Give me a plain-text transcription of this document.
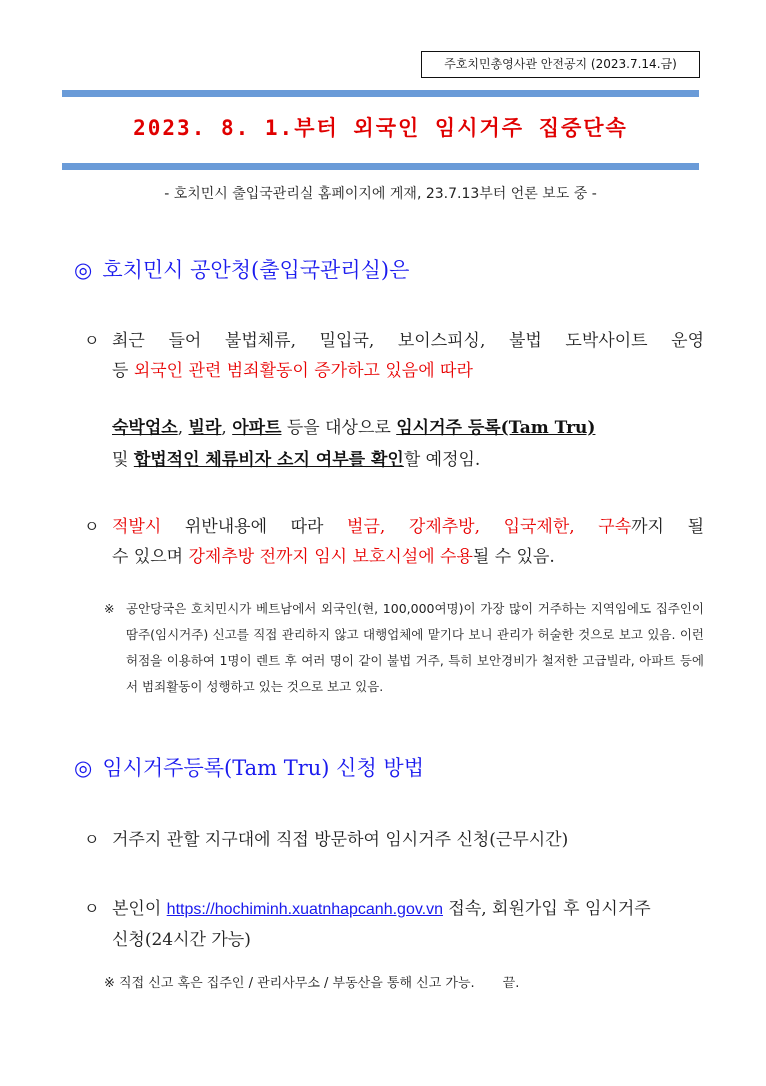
주호치민총영사관 안전공지 (2023.7.14.금)
2023. 8. 1.부터 외국인 임시거주 집중단속
- 호치민시 출입국관리실 홈페이지에 게재, 23.7.13부터 언론 보도 중 -
◎ 호치민시 공안청(출입국관리실)은
ㅇ 최근 들어 불법체류, 밀입국, 보이스피싱, 불법 도박사이트 운영
등 외국인 관련 범죄활동이 증가하고 있음에 따라
숙박업소, 빌라, 아파트 등을 대상으로 임시거주 등록(Tam Tru)
및 합법적인 체류비자 소지 여부를 확인할 예정임.
ㅇ 적발시 위반내용에 따라 벌금, 강제추방, 입국제한, 구속까지 될
수 있으며 강제추방 전까지 임시 보호시설에 수용될 수 있음.
※ 공안당국은 호치민시가 베트남에서 외국인(현, 100,000여명)이 가장 많이 거주하는 지역임에도 집주인이 땀주(임시거주) 신고를 직접 관리하지 않고 대행업체에 맡기다 보니 관리가 허술한 것으로 보고 있음. 이런 허점을 이용하여 1명이 렌트 후 여러 명이 같이 불법 거주, 특히 보안경비가 철저한 고급빌라, 아파트 등에서 범죄활동이 성행하고 있는 것으로 보고 있음.
◎ 임시거주등록(Tam Tru) 신청 방법
ㅇ 거주지 관할 지구대에 직접 방문하여 임시거주 신청(근무시간)
ㅇ 본인이 https://hochiminh.xuatnhapcanh.gov.vn 접속, 회원가입 후 임시거주
신청(24시간 가능)
※ 직접 신고 혹은 집주인 / 관리사무소 / 부동산을 통해 신고 가능. 끝.
